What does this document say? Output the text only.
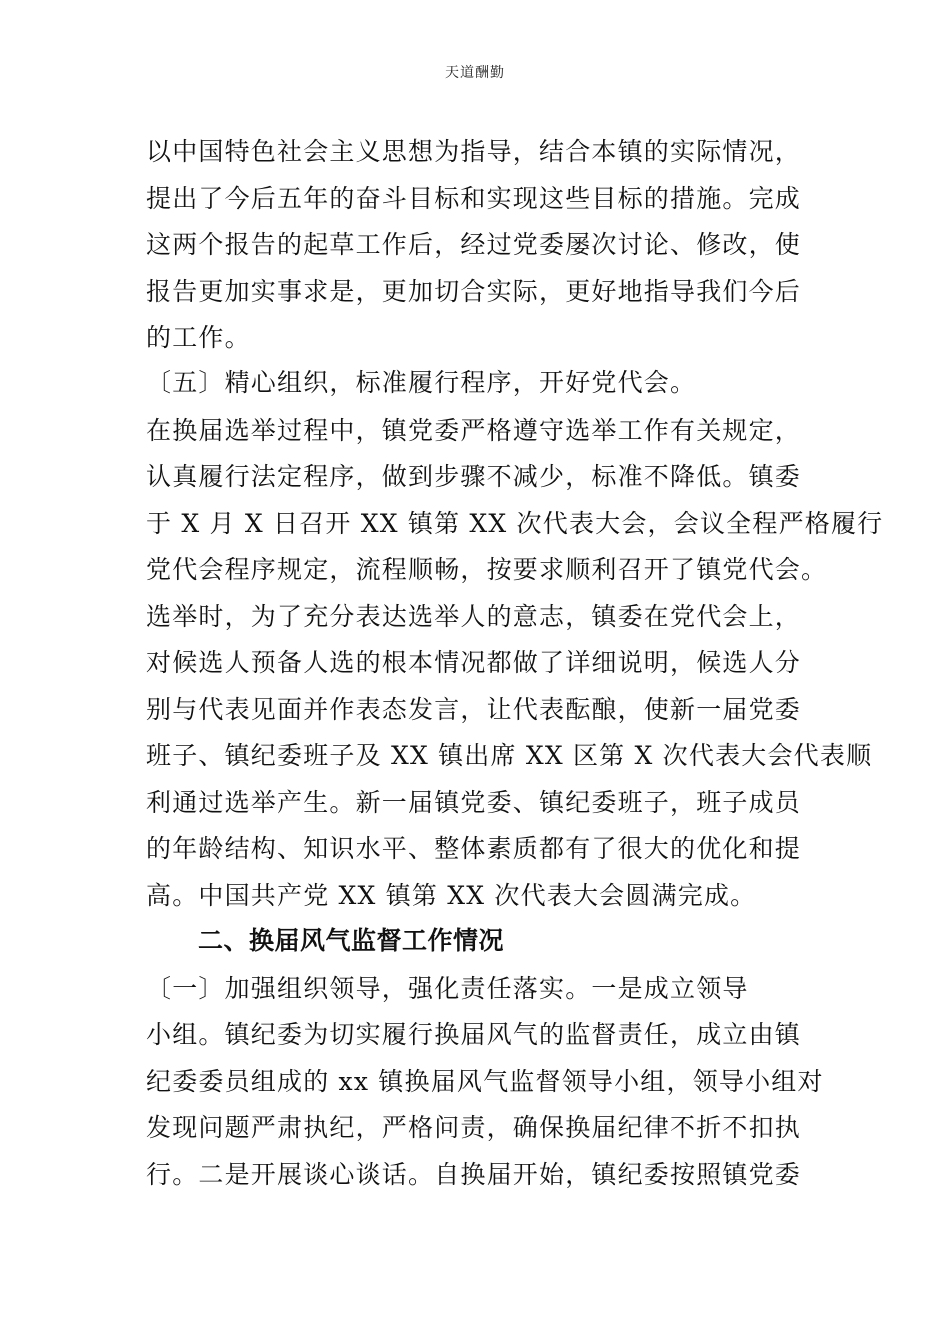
天道酬勤
以中国特色社会主义思想为指导，结合本镇的实际情况，
提出了今后五年的奋斗目标和实现这些目标的措施。完成
这两个报告的起草工作后，经过党委屡次讨论、修改，使
报告更加实事求是，更加切合实际，更好地指导我们今后
的工作。
〔五〕精心组织，标准履行程序，开好党代会。
在换届选举过程中，镇党委严格遵守选举工作有关规定，
认真履行法定程序，做到步骤不减少，标准不降低。镇委
于 X 月 X 日召开 XX 镇第 XX 次代表大会，会议全程严格履行
党代会程序规定，流程顺畅，按要求顺利召开了镇党代会。
选举时，为了充分表达选举人的意志，镇委在党代会上，
对候选人预备人选的根本情况都做了详细说明，候选人分
别与代表见面并作表态发言，让代表酝酿，使新一届党委
班子、镇纪委班子及 XX 镇出席 XX 区第 X 次代表大会代表顺
利通过选举产生。新一届镇党委、镇纪委班子，班子成员
的年龄结构、知识水平、整体素质都有了很大的优化和提
高。中国共产党 XX 镇第 XX 次代表大会圆满完成。
二、换届风气监督工作情况
〔一〕加强组织领导，强化责任落实。一是成立领导
小组。镇纪委为切实履行换届风气的监督责任，成立由镇
纪委委员组成的 xx 镇换届风气监督领导小组，领导小组对
发现问题严肃执纪，严格问责，确保换届纪律不折不扣执
行。二是开展谈心谈话。自换届开始，镇纪委按照镇党委
